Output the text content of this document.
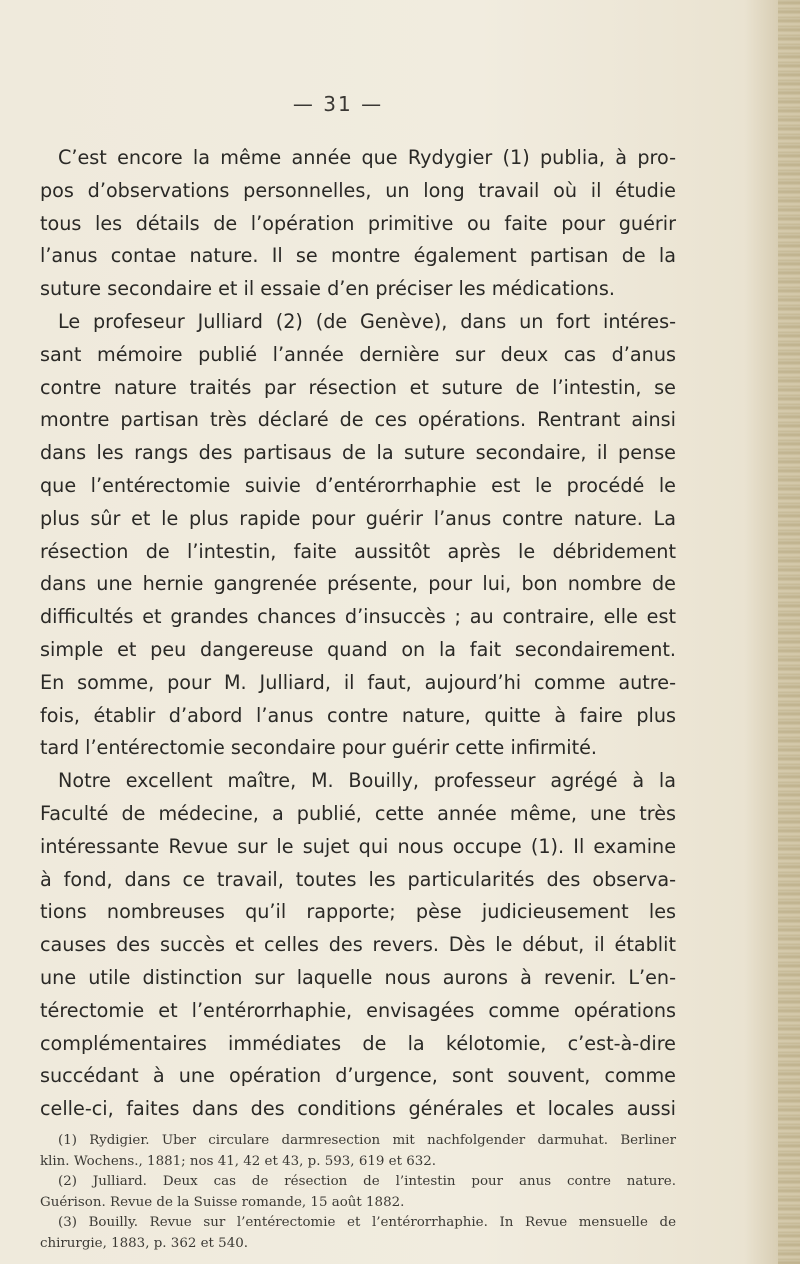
— 31 —
C’est encore la même année que Rydygier (1) publia, à pro-
pos d’observations personnelles, un long travail où il étudie
tous les détails de l’opération primitive ou faite pour guérir
l’anus contae nature. Il se montre également partisan de la
suture secondaire et il essaie d’en préciser les médications.
Le profeseur Julliard (2) (de Genève), dans un fort intéres-
sant mémoire publié l’année dernière sur deux cas d’anus
contre nature traités par résection et suture de l’intestin, se
montre partisan très déclaré de ces opérations. Rentrant ainsi
dans les rangs des partisaus de la suture secondaire, il pense
que l’entérectomie suivie d’entérorrhaphie est le procédé le
plus sûr et le plus rapide pour guérir l’anus contre nature. La
résection de l’intestin, faite aussitôt après le débridement
dans une hernie gangrenée présente, pour lui, bon nombre de
difficultés et grandes chances d’insuccès ; au contraire, elle est
simple et peu dangereuse quand on la fait secondairement.
En somme, pour M. Julliard, il faut, aujourd’hi comme autre-
fois, établir d’abord l’anus contre nature, quitte à faire plus
tard l’entérectomie secondaire pour guérir cette infirmité.
Notre excellent maître, M. Bouilly, professeur agrégé à la
Faculté de médecine, a publié, cette année même, une très
intéressante Revue sur le sujet qui nous occupe (1). Il examine
à fond, dans ce travail, toutes les particularités des observa-
tions nombreuses qu’il rapporte; pèse judicieusement les
causes des succès et celles des revers. Dès le début, il établit
une utile distinction sur laquelle nous aurons à revenir. L’en-
térectomie et l’entérorrhaphie, envisagées comme opérations
complémentaires immédiates de la kélotomie, c’est-à-dire
succédant à une opération d’urgence, sont souvent, comme
celle-ci, faites dans des conditions générales et locales aussi
(1) Rydigier. Uber circulare darmresection mit nachfolgender darmuhat. Berliner
klin. Wochens., 1881; nos 41, 42 et 43, p. 593, 619 et 632.
(2) Julliard. Deux cas de résection de l’intestin pour anus contre nature.
Guérison. Revue de la Suisse romande, 15 août 1882.
(3) Bouilly. Revue sur l’entérectomie et l’entérorrhaphie. In Revue mensuelle de
chirurgie, 1883, p. 362 et 540.
